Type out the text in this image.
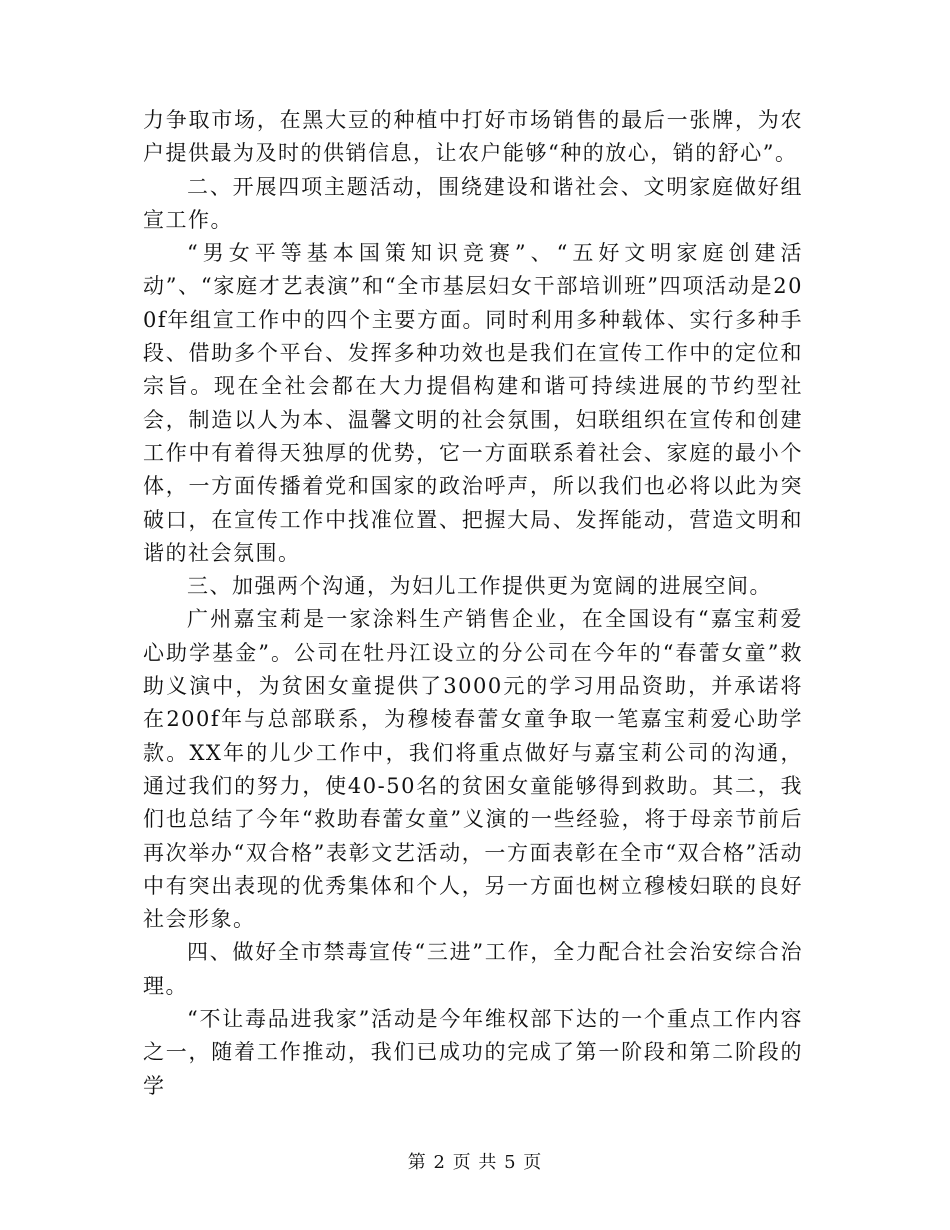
力争取市场，在黑大豆的种植中打好市场销售的最后一张牌，为农户提供最为及时的供销信息，让农户能够“种的放心，销的舒心”。

二、开展四项主题活动，围绕建设和谐社会、文明家庭做好组宣工作。

“男女平等基本国策知识竞赛”、“五好文明家庭创建活动”、“家庭才艺表演”和“全市基层妇女干部培训班”四项活动是200f年组宣工作中的四个主要方面。同时利用多种载体、实行多种手段、借助多个平台、发挥多种功效也是我们在宣传工作中的定位和宗旨。现在全社会都在大力提倡构建和谐可持续进展的节约型社会，制造以人为本、温馨文明的社会氛围，妇联组织在宣传和创建工作中有着得天独厚的优势，它一方面联系着社会、家庭的最小个体，一方面传播着党和国家的政治呼声，所以我们也必将以此为突破口，在宣传工作中找准位置、把握大局、发挥能动，营造文明和谐的社会氛围。

三、加强两个沟通，为妇儿工作提供更为宽阔的进展空间。

广州嘉宝莉是一家涂料生产销售企业，在全国设有“嘉宝莉爱心助学基金”。公司在牡丹江设立的分公司在今年的“春蕾女童”救助义演中，为贫困女童提供了3000元的学习用品资助，并承诺将在200f年与总部联系，为穆棱春蕾女童争取一笔嘉宝莉爱心助学款。XX年的儿少工作中，我们将重点做好与嘉宝莉公司的沟通，通过我们的努力，使40-50名的贫困女童能够得到救助。其二，我们也总结了今年“救助春蕾女童”义演的一些经验，将于母亲节前后再次举办“双合格”表彰文艺活动，一方面表彰在全市“双合格”活动中有突出表现的优秀集体和个人，另一方面也树立穆棱妇联的良好社会形象。

四、做好全市禁毒宣传“三进”工作，全力配合社会治安综合治理。

“不让毒品进我家”活动是今年维权部下达的一个重点工作内容之一，随着工作推动，我们已成功的完成了第一阶段和第二阶段的学

第 2 页 共 5 页
